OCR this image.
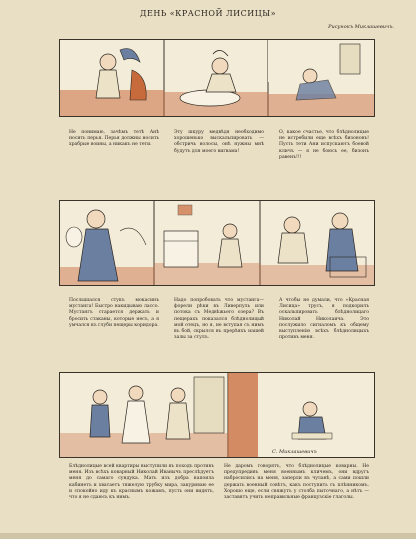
ДЕНЬ «КРАСНОЙ ЛИСИЦЫ»
Рисунокъ Миклашевичъ.
Не понимаю, зачѣмъ тетѣ Анѣ носить перья. Перья должны носить храбрые воины, а никакъ не тети.
Эту шкуру медвѣдя необходимо хорошенько выскальпировать — обстричь волосы, онѣ нужны мнѣ будутъ для моего вигвама!
О, какое счастье, что блѣднолицые не истребили еще всѣхъ бизоновъ! Пусть тети Ани испускаютъ боевой кличъ — я не боюсь ее, бизонъ равенъ!!!
Послышался стукъ мокасинъ мустанга! Быстро накидываю лассо. Мустангъ старается держать и бросить стаканы, которые несъ, а я умчался къ глуби пещеры коридора.
Надо попробовать что мустанга—форели рѣки въ Ливерпуль или потока съ Медвѣжьего озера? Въ пещерахъ показался блѣднолицый мой отецъ, но я, не вступая съ нимъ въ бой, скрылся въ прерѣяхъ нашей залы за стулъ.
А чтобы не думали, что «Красная Лисица» трусъ, я подкорилъ оскальпировать блѣднолицаго Николай Николаича. Это послужило сигналомъ къ общему выступленію всѣхъ блѣднолицыхъ противъ меня.
С. Миклашевичъ
Блѣднолицые всей квартиры выступили въ походъ противъ меня. Изъ всѣхъ коварный Николай Иванычъ преслѣдуетъ меня до самаго сундука. Мать изъ добра напоила кабинетъ и хватаетъ тяжелую трубку мира, закуриваю ее и спокойно иду къ краснымъ кожамъ, пусть они видятъ, что я не сдаюсь къ нимъ.
Не даромъ говорятъ, что блѣднолицые коварны. Не предупредивъ меня военнымъ кличемъ, они вдругъ набросились на меня, заперли въ чуланѣ, а сами пошли держать военный совѣтъ, какъ поступить съ плѣнникомъ. Хорошо еще, если свяжутъ у столба пыточнаго, а нѣтъ — заставятъ учить неправильные французскіе глаголы.
